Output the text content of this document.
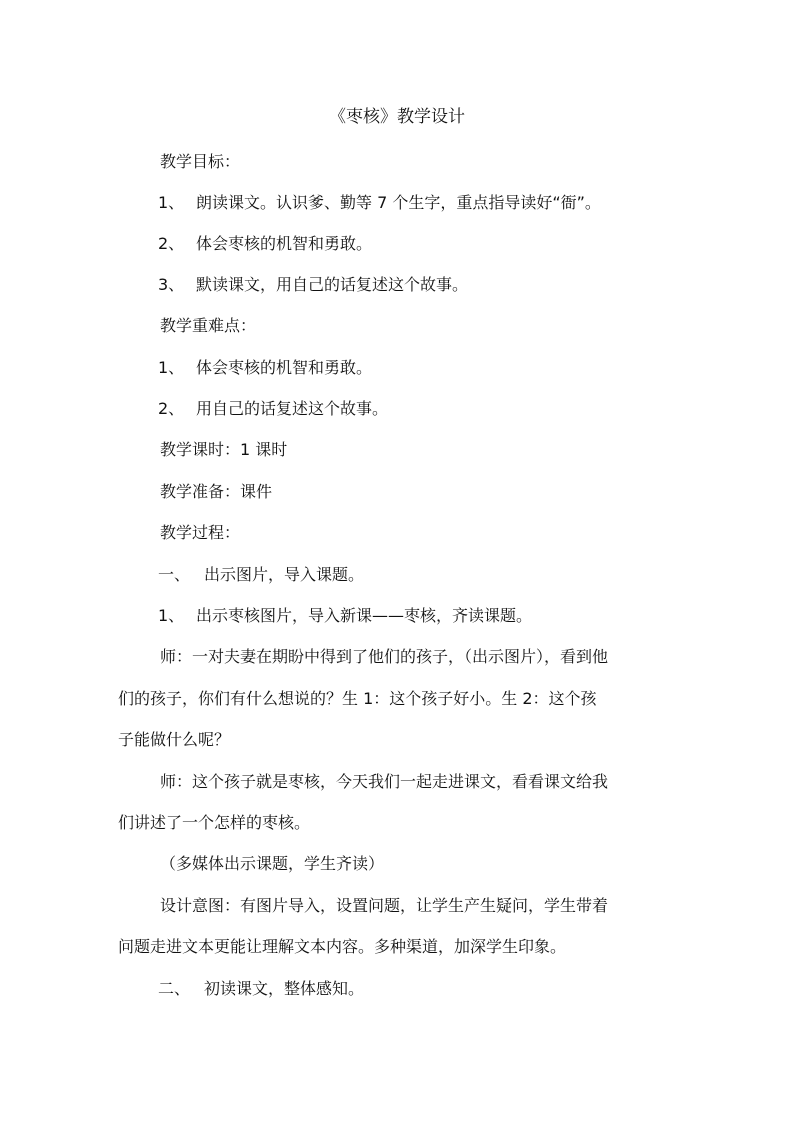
《枣核》教学设计
教学目标：
1、 朗读课文。认识爹、勤等 7 个生字，重点指导读好“衙”。
2、 体会枣核的机智和勇敢。
3、 默读课文，用自己的话复述这个故事。
教学重难点：
1、 体会枣核的机智和勇敢。
2、 用自己的话复述这个故事。
教学课时：1 课时
教学准备：课件
教学过程：
一、 出示图片，导入课题。
1、 出示枣核图片，导入新课——枣核，齐读课题。
师：一对夫妻在期盼中得到了他们的孩子，（出示图片），看到他
们的孩子，你们有什么想说的？生 1：这个孩子好小。生 2：这个孩
子能做什么呢？
师：这个孩子就是枣核，今天我们一起走进课文，看看课文给我
们讲述了一个怎样的枣核。
（多媒体出示课题，学生齐读）
设计意图：有图片导入，设置问题，让学生产生疑问，学生带着
问题走进文本更能让理解文本内容。多种渠道，加深学生印象。
二、 初读课文，整体感知。
